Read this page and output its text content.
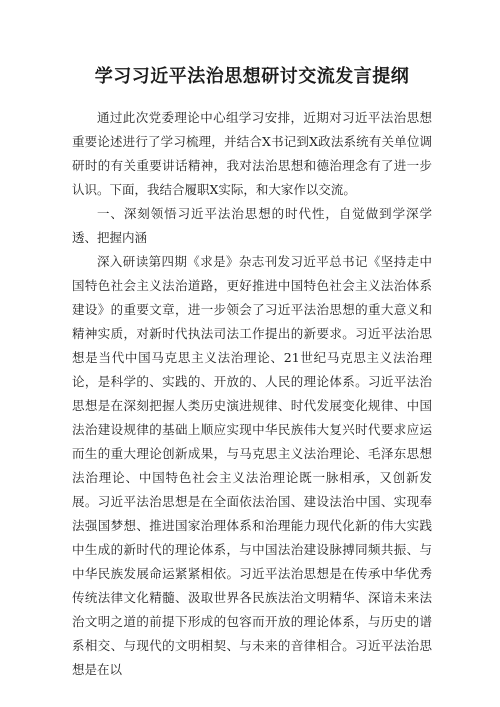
学习习近平法治思想研讨交流发言提纲

通过此次党委理论中心组学习安排，近期对习近平法治思想重要论述进行了学习梳理，并结合X书记到X政法系统有关单位调研时的有关重要讲话精神，我对法治思想和德治理念有了进一步认识。下面，我结合履职X实际，和大家作以交流。

一、深刻领悟习近平法治思想的时代性，自觉做到学深学透、把握内涵

深入研读第四期《求是》杂志刊发习近平总书记《坚持走中国特色社会主义法治道路，更好推进中国特色社会主义法治体系建设》的重要文章，进一步领会了习近平法治思想的重大意义和精神实质，对新时代执法司法工作提出的新要求。习近平法治思想是当代中国马克思主义法治理论、21世纪马克思主义法治理论，是科学的、实践的、开放的、人民的理论体系。习近平法治思想是在深刻把握人类历史演进规律、时代发展变化规律、中国法治建设规律的基础上顺应实现中华民族伟大复兴时代要求应运而生的重大理论创新成果，与马克思主义法治理论、毛泽东思想法治理论、中国特色社会主义法治理论既一脉相承，又创新发展。习近平法治思想是在全面依法治国、建设法治中国、实现奉法强国梦想、推进国家治理体系和治理能力现代化新的伟大实践中生成的新时代的理论体系，与中国法治建设脉搏同频共振、与中华民族发展命运紧紧相依。习近平法治思想是在传承中华优秀传统法律文化精髓、汲取世界各民族法治文明精华、深谙未来法治文明之道的前提下形成的包容而开放的理论体系，与历史的谱系相交、与现代的文明相契、与未来的音律相合。习近平法治思想是在以
